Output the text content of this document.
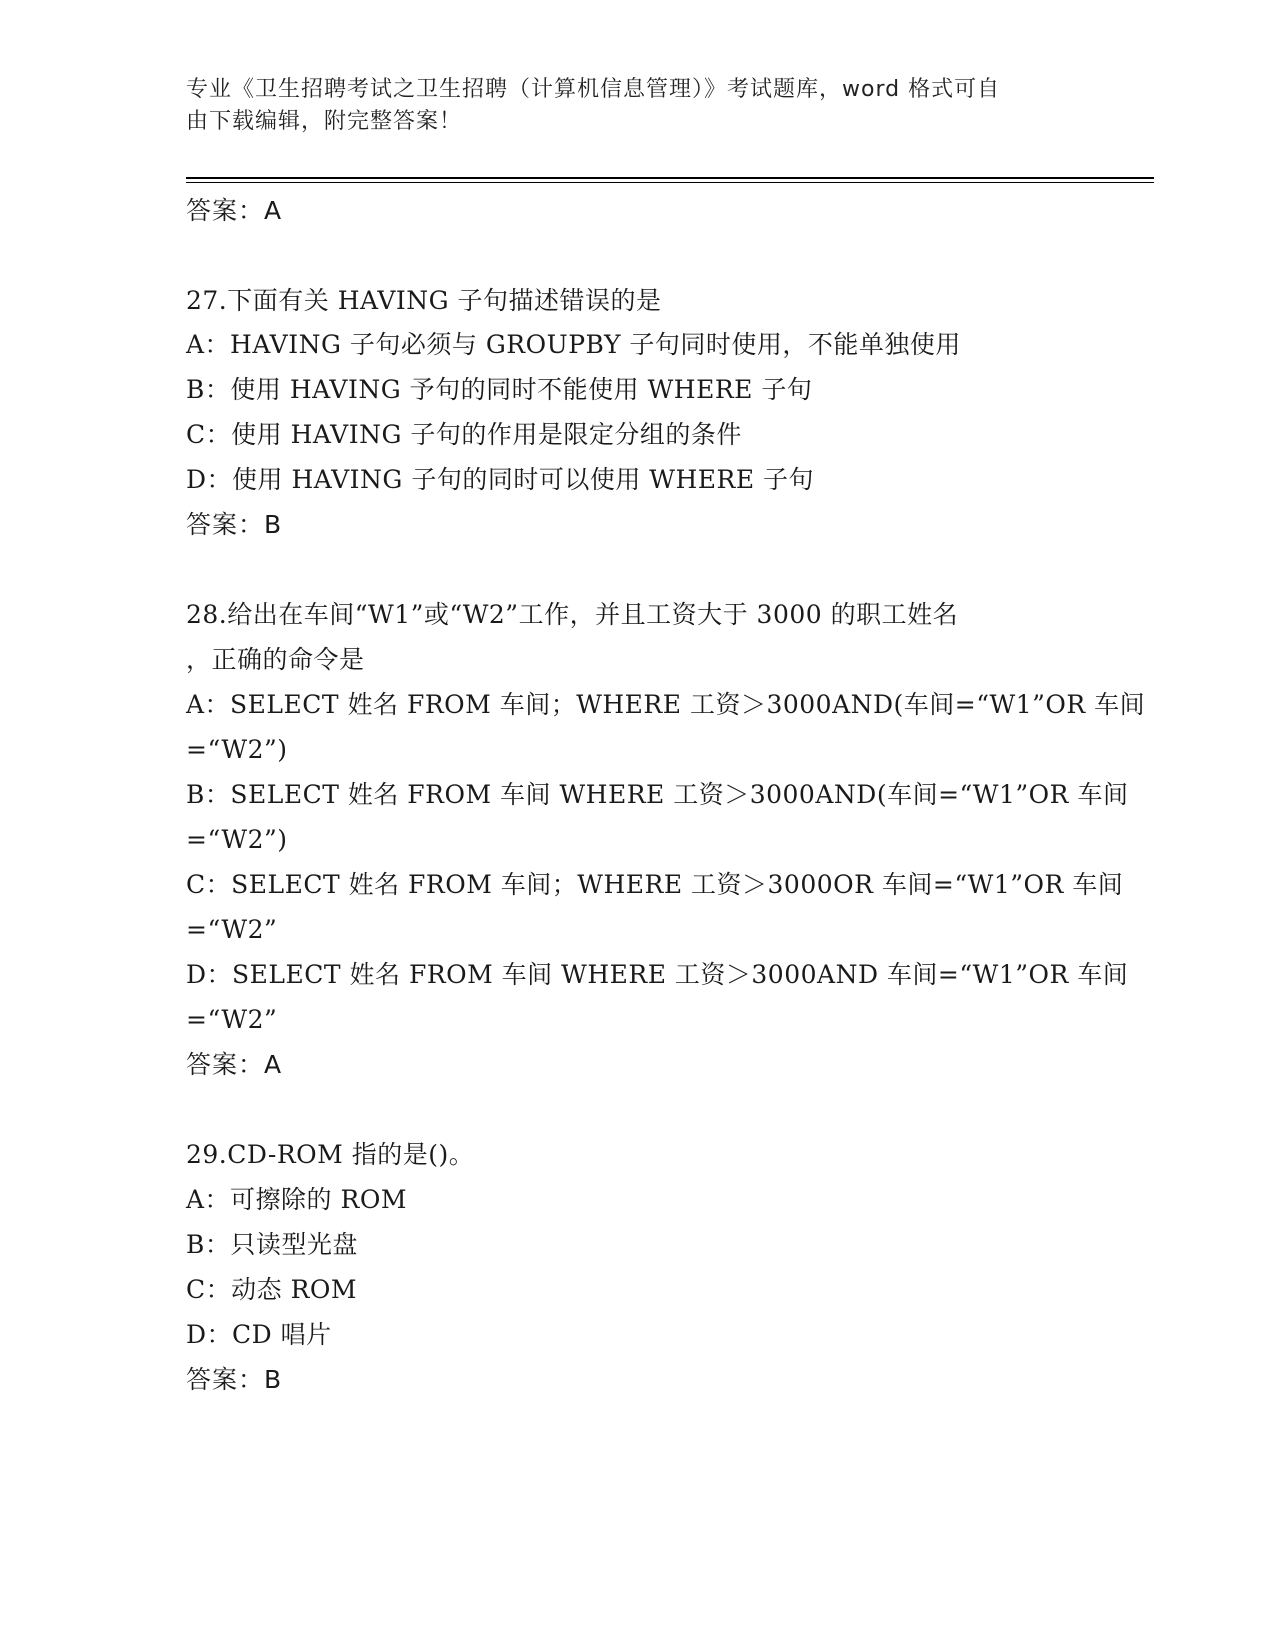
专业《卫生招聘考试之卫生招聘（计算机信息管理）》考试题库，word 格式可自
由下载编辑，附完整答案！
答案：A
27.下面有关 HAVING 子句描述错误的是
A：HAVING 子句必须与 GROUPBY 子句同时使用，不能单独使用
B：使用 HAVING 予句的同时不能使用 WHERE 子句
C：使用 HAVING 子句的作用是限定分组的条件
D：使用 HAVING 子句的同时可以使用 WHERE 子句
答案：B
28.给出在车间“W1”或“W2”工作，并且工资大于 3000 的职工姓名
，正确的命令是
A：SELECT 姓名 FROM 车间；WHERE 工资＞3000AND(车间=“W1”OR 车间
=“W2”)
B：SELECT 姓名 FROM 车间 WHERE 工资＞3000AND(车间=“W1”OR 车间
=“W2”)
C：SELECT 姓名 FROM 车间；WHERE 工资＞3000OR 车间=“W1”OR 车间
=“W2”
D：SELECT 姓名 FROM 车间 WHERE 工资＞3000AND 车间=“W1”OR 车间
=“W2”
答案：A
29.CD-ROM 指的是()。
A：可擦除的 ROM
B：只读型光盘
C：动态 ROM
D：CD 唱片
答案：B
